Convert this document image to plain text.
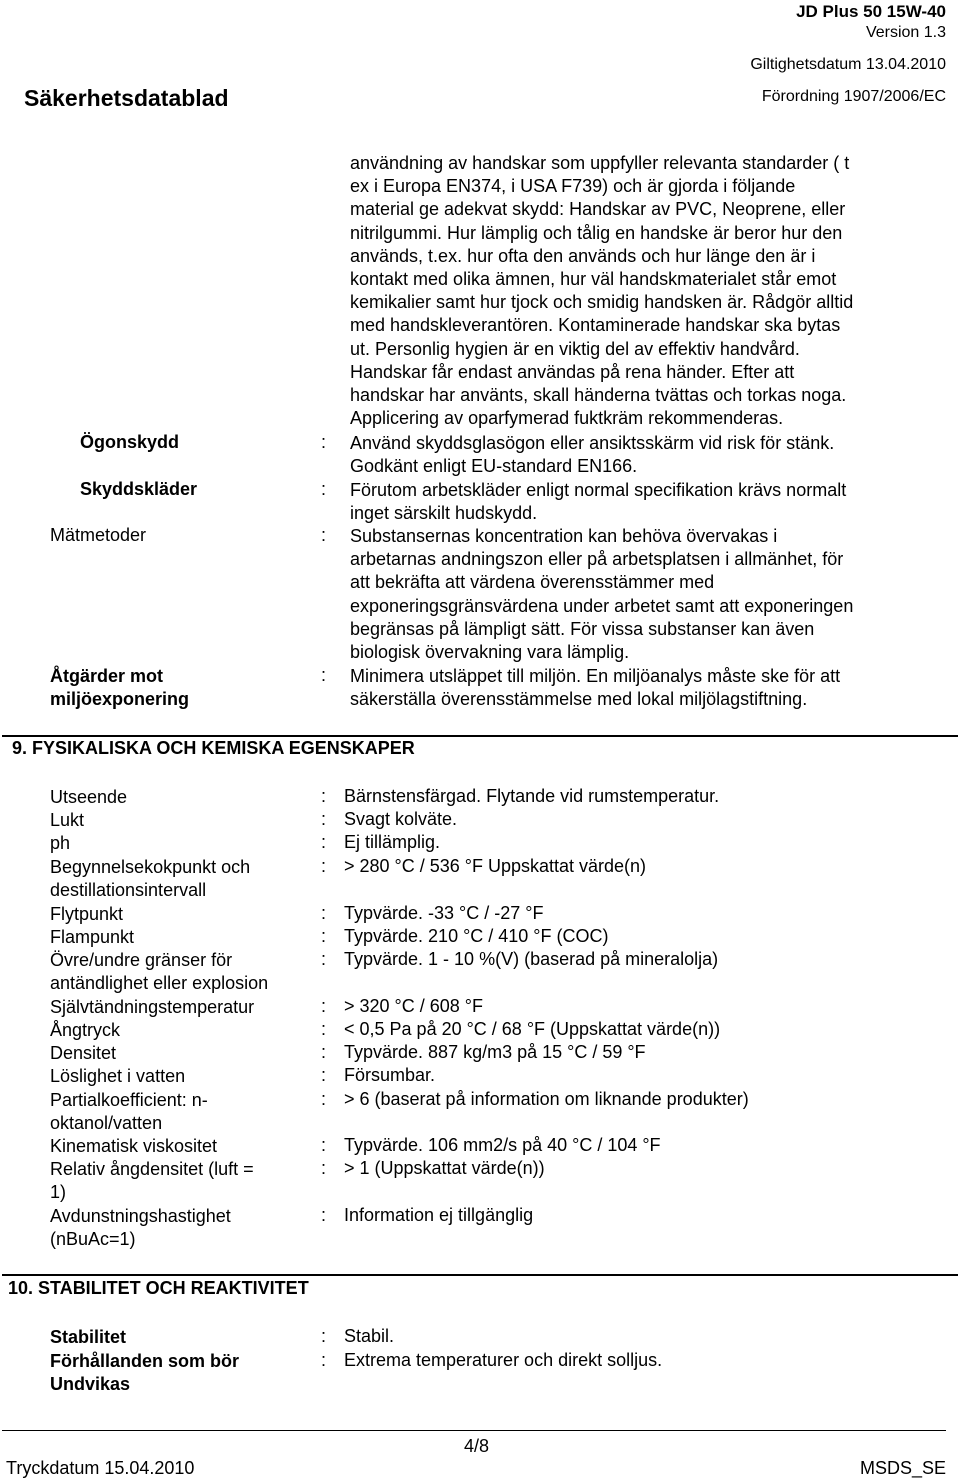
JD Plus 50 15W-40
Version 1.3
Giltighetsdatum 13.04.2010
Säkerhetsdatablad	Förordning 1907/2006/EC

användning av handskar som uppfyller relevanta standarder ( t

ex i Europa EN374, i USA F739) och är gjorda i följande

material ge adekvat skydd: Handskar av PVC, Neoprene, eller

nitrilgummi. Hur lämplig och tålig en handske är beror hur den

används, t.ex. hur ofta den används och hur länge den är i

kontakt med olika ämnen, hur väl handskmaterialet står emot

kemikalier samt hur tjock och smidig handsken är. Rådgör alltid

med handskleverantören. Kontaminerade handskar ska bytas

ut. Personlig hygien är en viktig del av effektiv handvård.

Handskar får endast användas på rena händer. Efter att

handskar har använts, skall händerna tvättas och torkas noga.

Applicering av oparfymerad fuktkräm rekommenderas.

Ögonskydd	: Använd skyddsglasögon eller ansiktsskärm vid risk för stänk.

Godkänt enligt EU-standard EN166.

Skyddskläder	: Förutom arbetskläder enligt normal specifikation krävs normalt

inget särskilt hudskydd.

Mätmetoder	: Substansernas koncentration kan behöva övervakas i

arbetarnas andningszon eller på arbetsplatsen i allmänhet, för

att bekräfta att värdena överensstämmer med

exponeringsgränsvärdena under arbetet samt att exponeringen

begränsas på lämpligt sätt. För vissa substanser kan även

biologisk övervakning vara lämplig.

Åtgärder mot
miljöexponering
: Minimera utsläppet till miljön. En miljöanalys måste ske för att

säkerställa överensstämmelse med lokal miljölagstiftning.

9. FYSIKALISKA OCH KEMISKA EGENSKAPER

Utseende	: Bärnstensfärgad. Flytande vid rumstemperatur.

Lukt	: Svagt kolväte.

ph	: Ej tillämplig.

Begynnelsekokpunkt och

destillationsintervall

: > 280 °C / 536 °F Uppskattat värde(n)

Flytpunkt	: Typvärde. -33 °C / -27 °F

Flampunkt	: Typvärde. 210 °C / 410 °F (COC)

Övre/undre gränser för

antändlighet eller explosion

: Typvärde. 1 - 10 %(V) (baserad på mineralolja)

Självtändningstemperatur	: > 320 °C / 608 °F

Ångtryck	: < 0,5 Pa på 20 °C / 68 °F (Uppskattat värde(n))

Densitet	: Typvärde. 887 kg/m3 på 15 °C / 59 °F

Löslighet i vatten	: Försumbar.

Partialkoefficient: n-

oktanol/vatten

: > 6 (baserat på information om liknande produkter)

Kinematisk viskositet	: Typvärde. 106 mm2/s på 40 °C / 104 °F

Relativ ångdensitet (luft =

1)

: > 1 (Uppskattat värde(n))

Avdunstningshastighet

(nBuAc=1)

: Information ej tillgänglig
10. STABILITET OCH REAKTIVITET

Stabilitet	: Stabil.

Förhållanden som bör

Undvikas

: Extrema temperaturer och direkt solljus.
4/8
Tryckdatum 15.04.2010	MSDS_SE
